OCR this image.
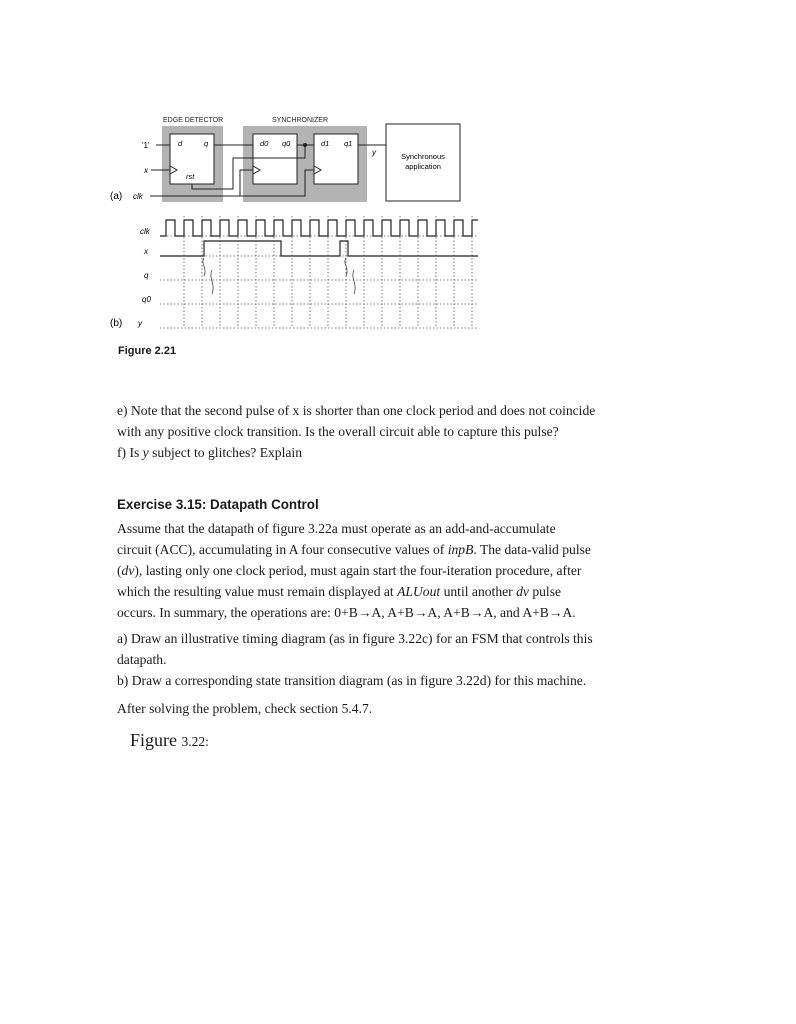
EDGE DETECTOR	SYNCHRONIZER
d	q
rst
d0 q0	d1 q1
'1'
x
(a) clk
y	Synchronous
application
clk
x
q
q0
(b) y
Figure 2.21
e) Note that the second pulse of x is shorter than one clock period and does not coincide
with any positive clock transition. Is the overall circuit able to capture this pulse?
f) Is y subject to glitches? Explain
Exercise 3.15: Datapath Control
Assume that the datapath of figure 3.22a must operate as an add-and-accumulate
circuit (ACC), accumulating in A four consecutive values of inpB. The data-valid pulse
(dv), lasting only one clock period, must again start the four-iteration procedure, after
which the resulting value must remain displayed at ALUout until another dv pulse
occurs. In summary, the operations are: 0+B→A, A+B→A, A+B→A, and A+B→A.
a) Draw an illustrative timing diagram (as in figure 3.22c) for an FSM that controls this
datapath.
b) Draw a corresponding state transition diagram (as in figure 3.22d) for this machine.
After solving the problem, check section 5.4.7.
Figure 3.22:
